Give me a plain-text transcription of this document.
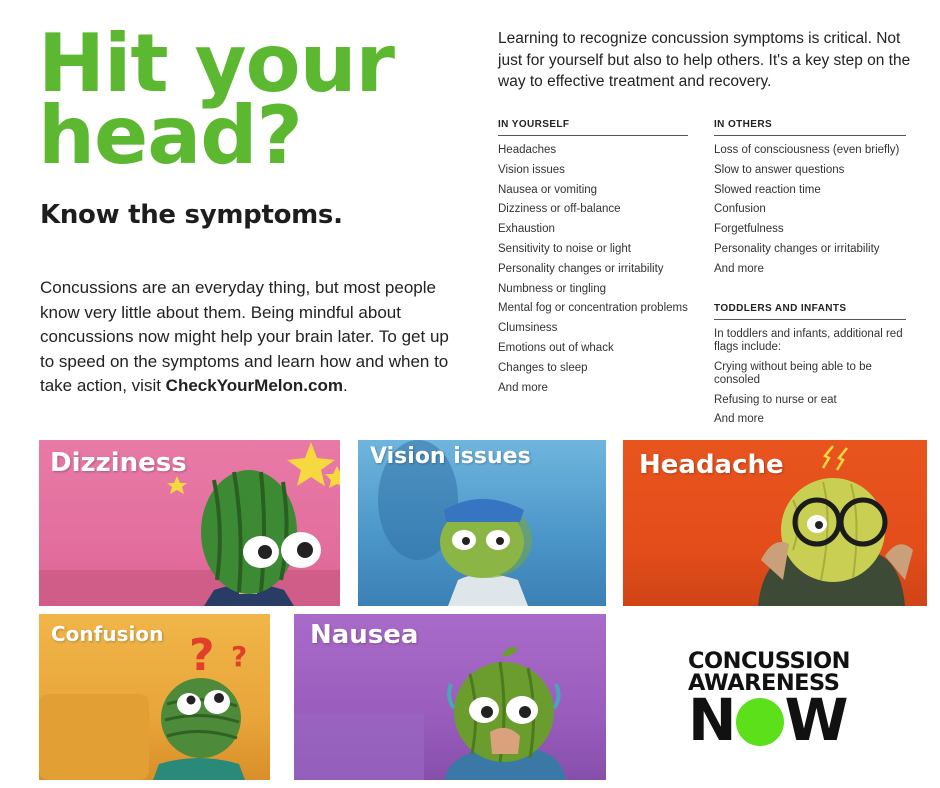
Hit your
head?
Know the symptoms.
Concussions are an everyday thing, but most people know very little about them. Being mindful about concussions now might help your brain later. To get up to speed on the symptoms and learn how and when to take action, visit CheckYourMelon.com.
Learning to recognize concussion symptoms is critical. Not just for yourself but also to help others. It's a key step on the way to effective treatment and recovery.
IN YOURSELF
Headaches
Vision issues
Nausea or vomiting
Dizziness or off-balance
Exhaustion
Sensitivity to noise or light
Personality changes or irritability
Numbness or tingling
Mental fog or concentration problems
Clumsiness
Emotions out of whack
Changes to sleep
And more
IN OTHERS
Loss of consciousness (even briefly)
Slow to answer questions
Slowed reaction time
Confusion
Forgetfulness
Personality changes or irritability
And more
TODDLERS AND INFANTS
In toddlers and infants, additional red flags include:
Crying without being able to be consoled
Refusing to nurse or eat
And more
Dizziness	Vision issues	Headache
? ?
Confusion	Nausea
CONCUSSION
AWARENESS
N W
